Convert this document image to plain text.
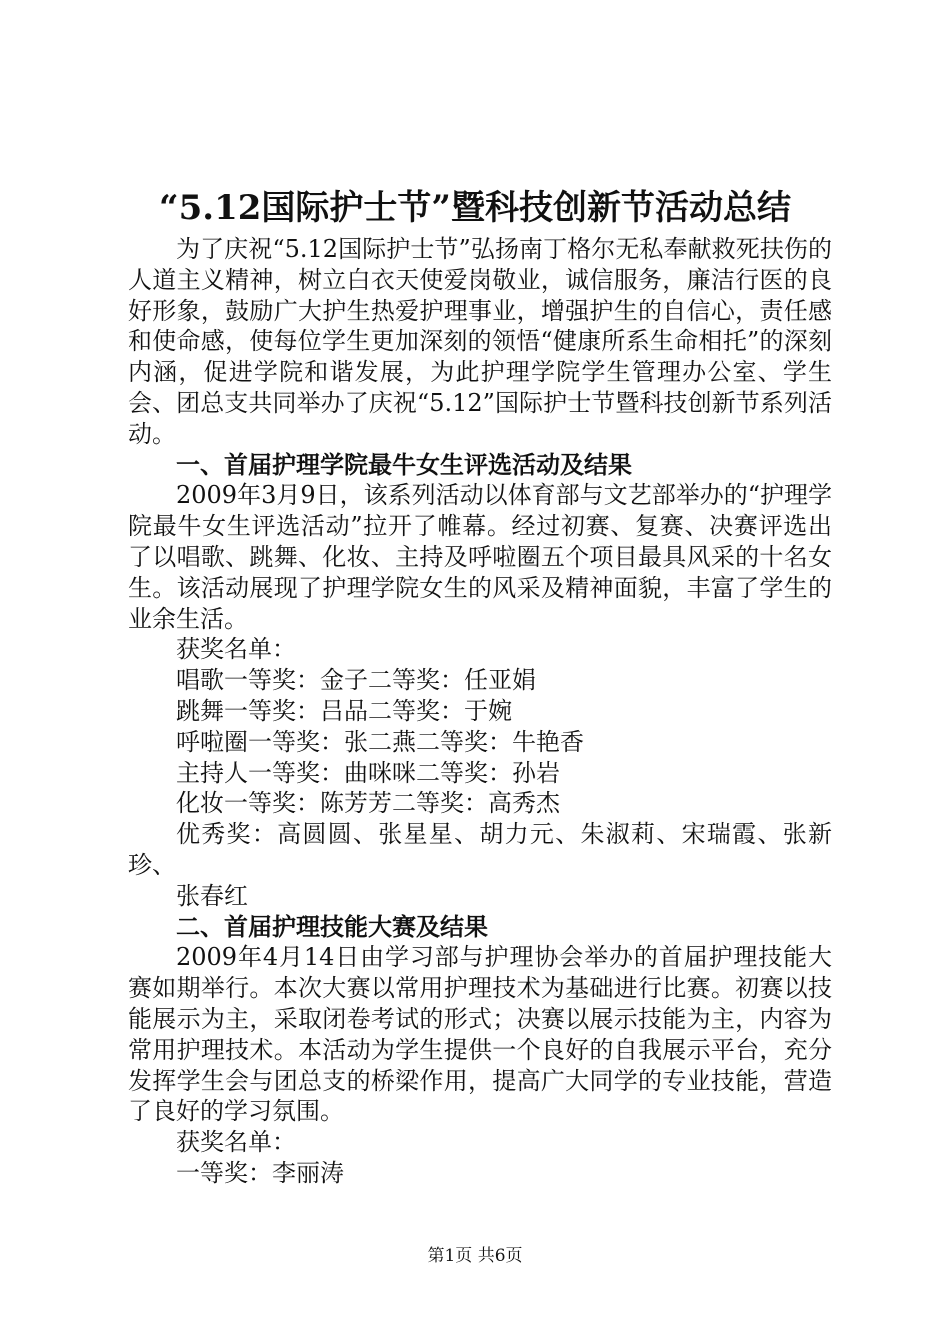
“5.12国际护士节”暨科技创新节活动总结

为了庆祝“5.12国际护士节”弘扬南丁格尔无私奉献救死扶伤的人道主义精神，树立白衣天使爱岗敬业，诚信服务，廉洁行医的良好形象，鼓励广大护生热爱护理事业，增强护生的自信心，责任感和使命感，使每位学生更加深刻的领悟“健康所系生命相托”的深刻内涵，促进学院和谐发展，为此护理学院学生管理办公室、学生会、团总支共同举办了庆祝“5.12”国际护士节暨科技创新节系列活动。

一、首届护理学院最牛女生评选活动及结果

2009年3月9日，该系列活动以体育部与文艺部举办的“护理学院最牛女生评选活动”拉开了帷幕。经过初赛、复赛、决赛评选出了以唱歌、跳舞、化妆、主持及呼啦圈五个项目最具风采的十名女生。该活动展现了护理学院女生的风采及精神面貌，丰富了学生的业余生活。

获奖名单：

唱歌一等奖：金子二等奖：任亚娟

跳舞一等奖：吕品二等奖：于婉

呼啦圈一等奖：张二燕二等奖：牛艳香

主持人一等奖：曲咪咪二等奖：孙岩

化妆一等奖：陈芳芳二等奖：高秀杰

优秀奖：高圆圆、张星星、胡力元、朱淑莉、宋瑞霞、张新珍、

张春红

二、首届护理技能大赛及结果

2009年4月14日由学习部与护理协会举办的首届护理技能大赛如期举行。本次大赛以常用护理技术为基础进行比赛。初赛以技能展示为主，采取闭卷考试的形式；决赛以展示技能为主，内容为常用护理技术。本活动为学生提供一个良好的自我展示平台，充分发挥学生会与团总支的桥梁作用，提高广大同学的专业技能，营造了良好的学习氛围。

获奖名单：

一等奖：李丽涛

第1页 共6页
